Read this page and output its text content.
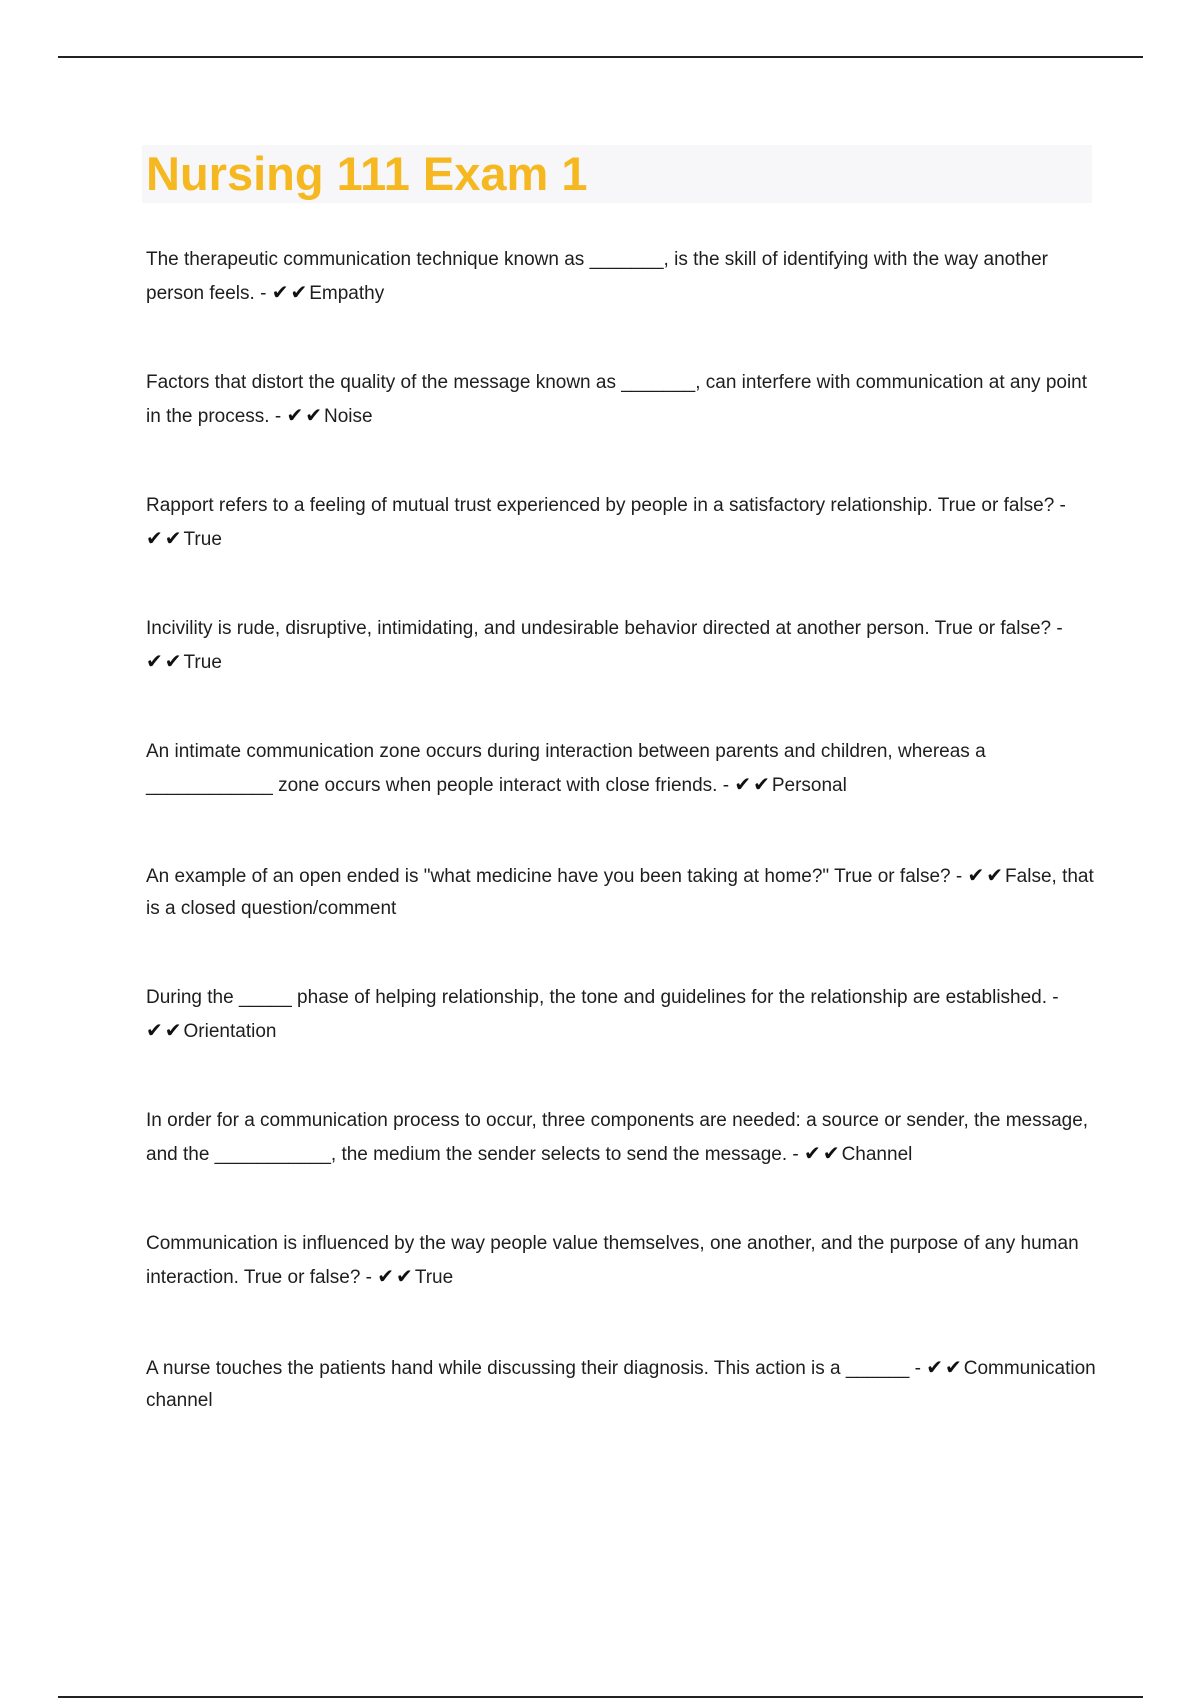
Nursing 111 Exam 1
The therapeutic communication technique known as _______, is the skill of identifying with the way another person feels. - ✔✔Empathy
Factors that distort the quality of the message known as _______, can interfere with communication at any point in the process. - ✔✔Noise
Rapport refers to a feeling of mutual trust experienced by people in a satisfactory relationship. True or false? - ✔✔True
Incivility is rude, disruptive, intimidating, and undesirable behavior directed at another person. True or false? - ✔✔True
An intimate communication zone occurs during interaction between parents and children, whereas a ____________ zone occurs when people interact with close friends. - ✔✔Personal
An example of an open ended is "what medicine have you been taking at home?" True or false? - ✔✔False, that is a closed question/comment
During the _____ phase of helping relationship, the tone and guidelines for the relationship are established. - ✔✔Orientation
In order for a communication process to occur, three components are needed: a source or sender, the message, and the ___________, the medium the sender selects to send the message. - ✔✔Channel
Communication is influenced by the way people value themselves, one another, and the purpose of any human interaction. True or false? - ✔✔True
A nurse touches the patients hand while discussing their diagnosis. This action is a ______ - ✔✔Communication channel
